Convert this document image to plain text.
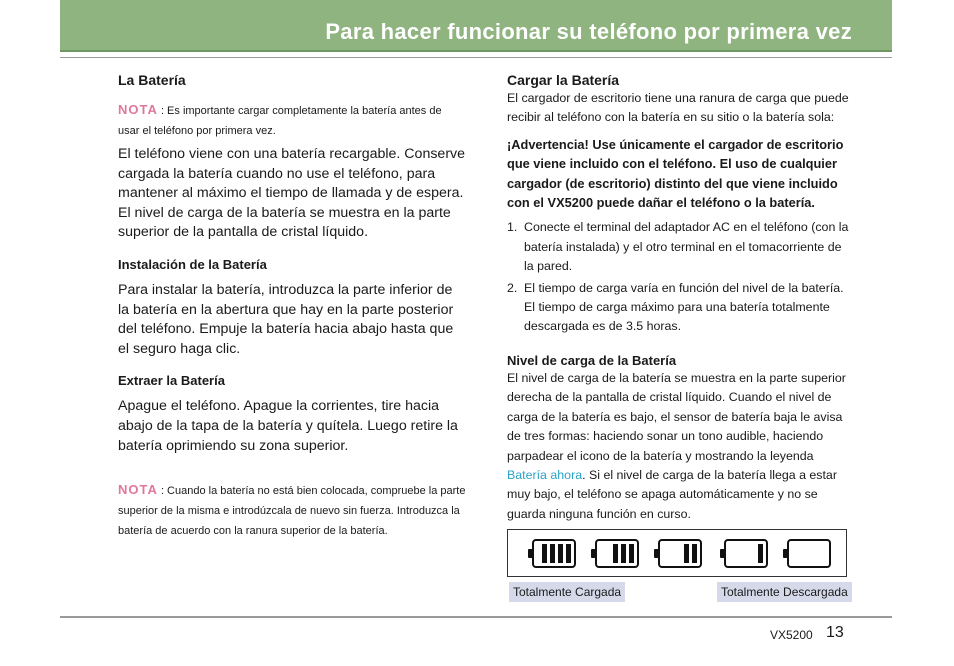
Para hacer funcionar su teléfono por primera vez
La Batería

NOTA : Es importante cargar completamente la batería antes de usar el teléfono por primera vez.

El teléfono viene con una batería recargable. Conserve cargada la batería cuando no use el teléfono, para mantener al máximo el tiempo de llamada y de espera. El nivel de carga de la batería se muestra en la parte superior de la pantalla de cristal líquido.

Instalación de la Batería

Para instalar la batería, introduzca la parte inferior de la batería en la abertura que hay en la parte posterior del teléfono. Empuje la batería hacia abajo hasta que el seguro haga clic.

Extraer la Batería

Apague el teléfono. Apague la corrientes, tire hacia abajo de la tapa de la batería y quítela. Luego retire la batería oprimiendo su zona superior.

NOTA : Cuando la batería no está bien colocada, compruebe la parte superior de la misma e introdúzcala de nuevo sin fuerza. Introduzca la batería de acuerdo con la ranura superior de la batería.

Cargar la Batería

El cargador de escritorio tiene una ranura de carga que puede recibir al teléfono con la batería en su sitio o la batería sola:

¡Advertencia! Use únicamente el cargador de escritorio que viene incluido con el teléfono. El uso de cualquier cargador (de escritorio) distinto del que viene incluido con el VX5200 puede dañar el teléfono o la batería.

1. Conecte el terminal del adaptador AC en el teléfono (con la batería instalada) y el otro terminal en el tomacorriente de la pared.
2. El tiempo de carga varía en función del nivel de la batería. El tiempo de carga máximo para una batería totalmente descargada es de 3.5 horas.
Nivel de carga de la Batería

El nivel de carga de la batería se muestra en la parte superior derecha de la pantalla de cristal líquido. Cuando el nivel de carga de la batería es bajo, el sensor de batería baja le avisa de tres formas: haciendo sonar un tono audible, haciendo parpadear el icono de la batería y mostrando la leyenda Batería ahora. Si el nivel de carga de la batería llega a estar muy bajo, el teléfono se apaga automáticamente y no se guarda ninguna función en curso.

Totalmente Cargada	Totalmente Descargada
VX5200 13
